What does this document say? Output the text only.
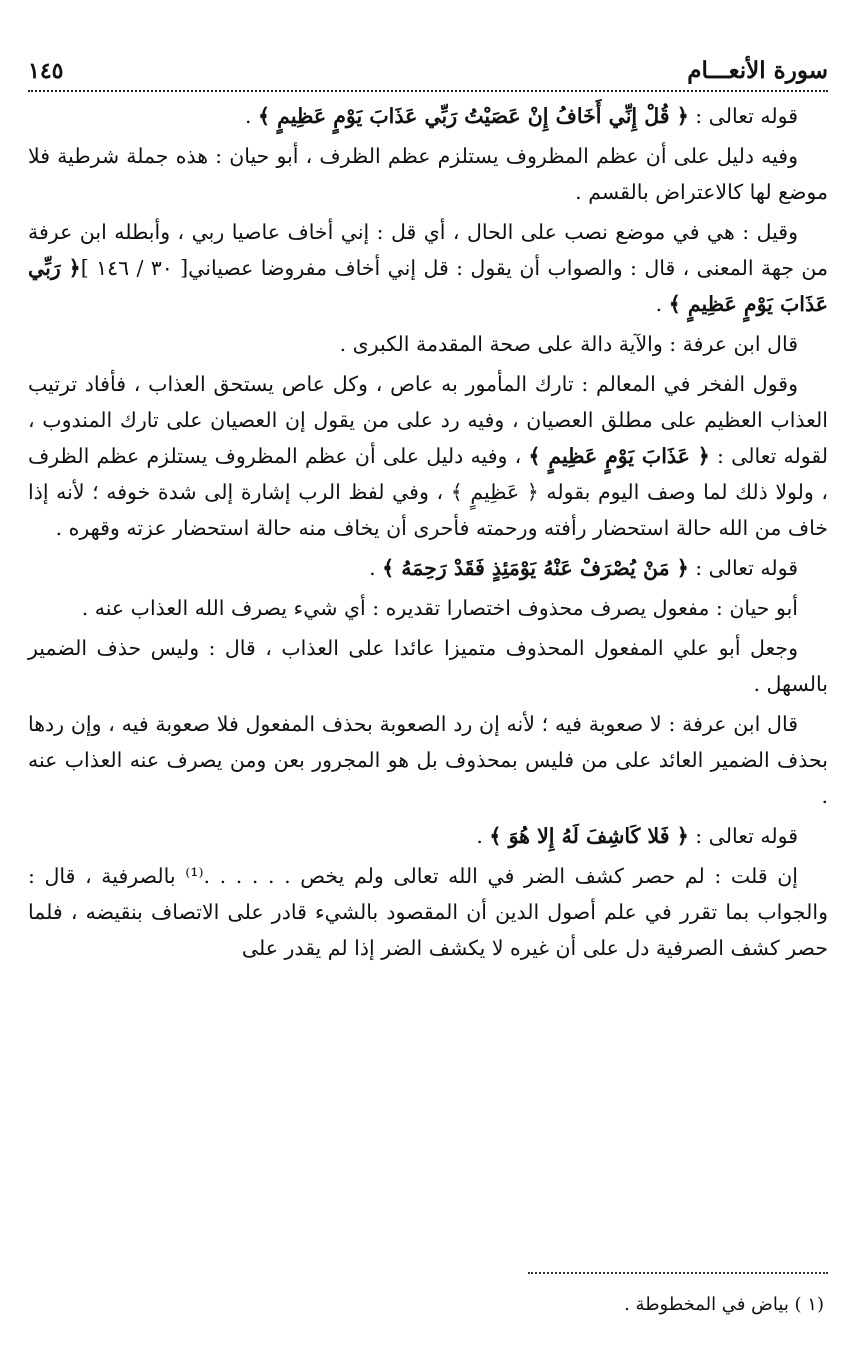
سورة الأنعـــام
١٤٥

قوله تعالى : ﴿ قُلْ إِنِّي أَخَافُ إِنْ عَصَيْتُ رَبِّي عَذَابَ يَوْمٍ عَظِيمٍ ﴾ .

وفيه دليل على أن عظم المظروف يستلزم عظم الظرف ، أبو حيان : هذه جملة شرطية فلا موضع لها كالاعتراض بالقسم .

وقيل : هي في موضع نصب على الحال ، أي قل : إني أخاف عاصيا ربي ، وأبطله ابن عرفة من جهة المعنى ، قال : والصواب أن يقول : قل إني أخاف مفروضا عصياني[ ٣٠ / ١٤٦ ]﴿ رَبِّي عَذَابَ يَوْمٍ عَظِيمٍ ﴾ .

قال ابن عرفة : والآية دالة على صحة المقدمة الكبرى .

وقول الفخر في المعالم : تارك المأمور به عاص ، وكل عاص يستحق العذاب ، فأفاد ترتيب العذاب العظيم على مطلق العصيان ، وفيه رد على من يقول إن العصيان على تارك المندوب ، لقوله تعالى : ﴿ عَذَابَ يَوْمٍ عَظِيمٍ ﴾ ، وفيه دليل على أن عظم المظروف يستلزم عظم الظرف ، ولولا ذلك لما وصف اليوم بقوله ﴿ عَظِيمٍ ﴾ ، وفي لفظ الرب إشارة إلى شدة خوفه ؛ لأنه إذا خاف من الله حالة استحضار رأفته ورحمته فأحرى أن يخاف منه حالة استحضار عزته وقهره .

قوله تعالى : ﴿ مَنْ يُصْرَفْ عَنْهُ يَوْمَئِذٍ فَقَدْ رَحِمَهُ ﴾ .

أبو حيان : مفعول يصرف محذوف اختصارا تقديره : أي شيء يصرف الله العذاب عنه .

وجعل أبو علي المفعول المحذوف متميزا عائدا على العذاب ، قال : وليس حذف الضمير بالسهل .

قال ابن عرفة : لا صعوبة فيه ؛ لأنه إن رد الصعوبة بحذف المفعول فلا صعوبة فيه ، وإن ردها بحذف الضمير العائد على من فليس بمحذوف بل هو المجرور بعن ومن يصرف عنه العذاب عنه .

قوله تعالى : ﴿ فَلا كَاشِفَ لَهُ إِلا هُوَ ﴾ .

إن قلت : لم حصر كشف الضر في الله تعالى ولم يخص . . . . . .⁽¹⁾ بالصرفية ، قال : والجواب بما تقرر في علم أصول الدين أن المقصود بالشيء قادر على الاتصاف بنقيضه ، فلما حصر كشف الصرفية دل على أن غيره لا يكشف الضر إذا لم يقدر على

(١ ) بياض في المخطوطة .
